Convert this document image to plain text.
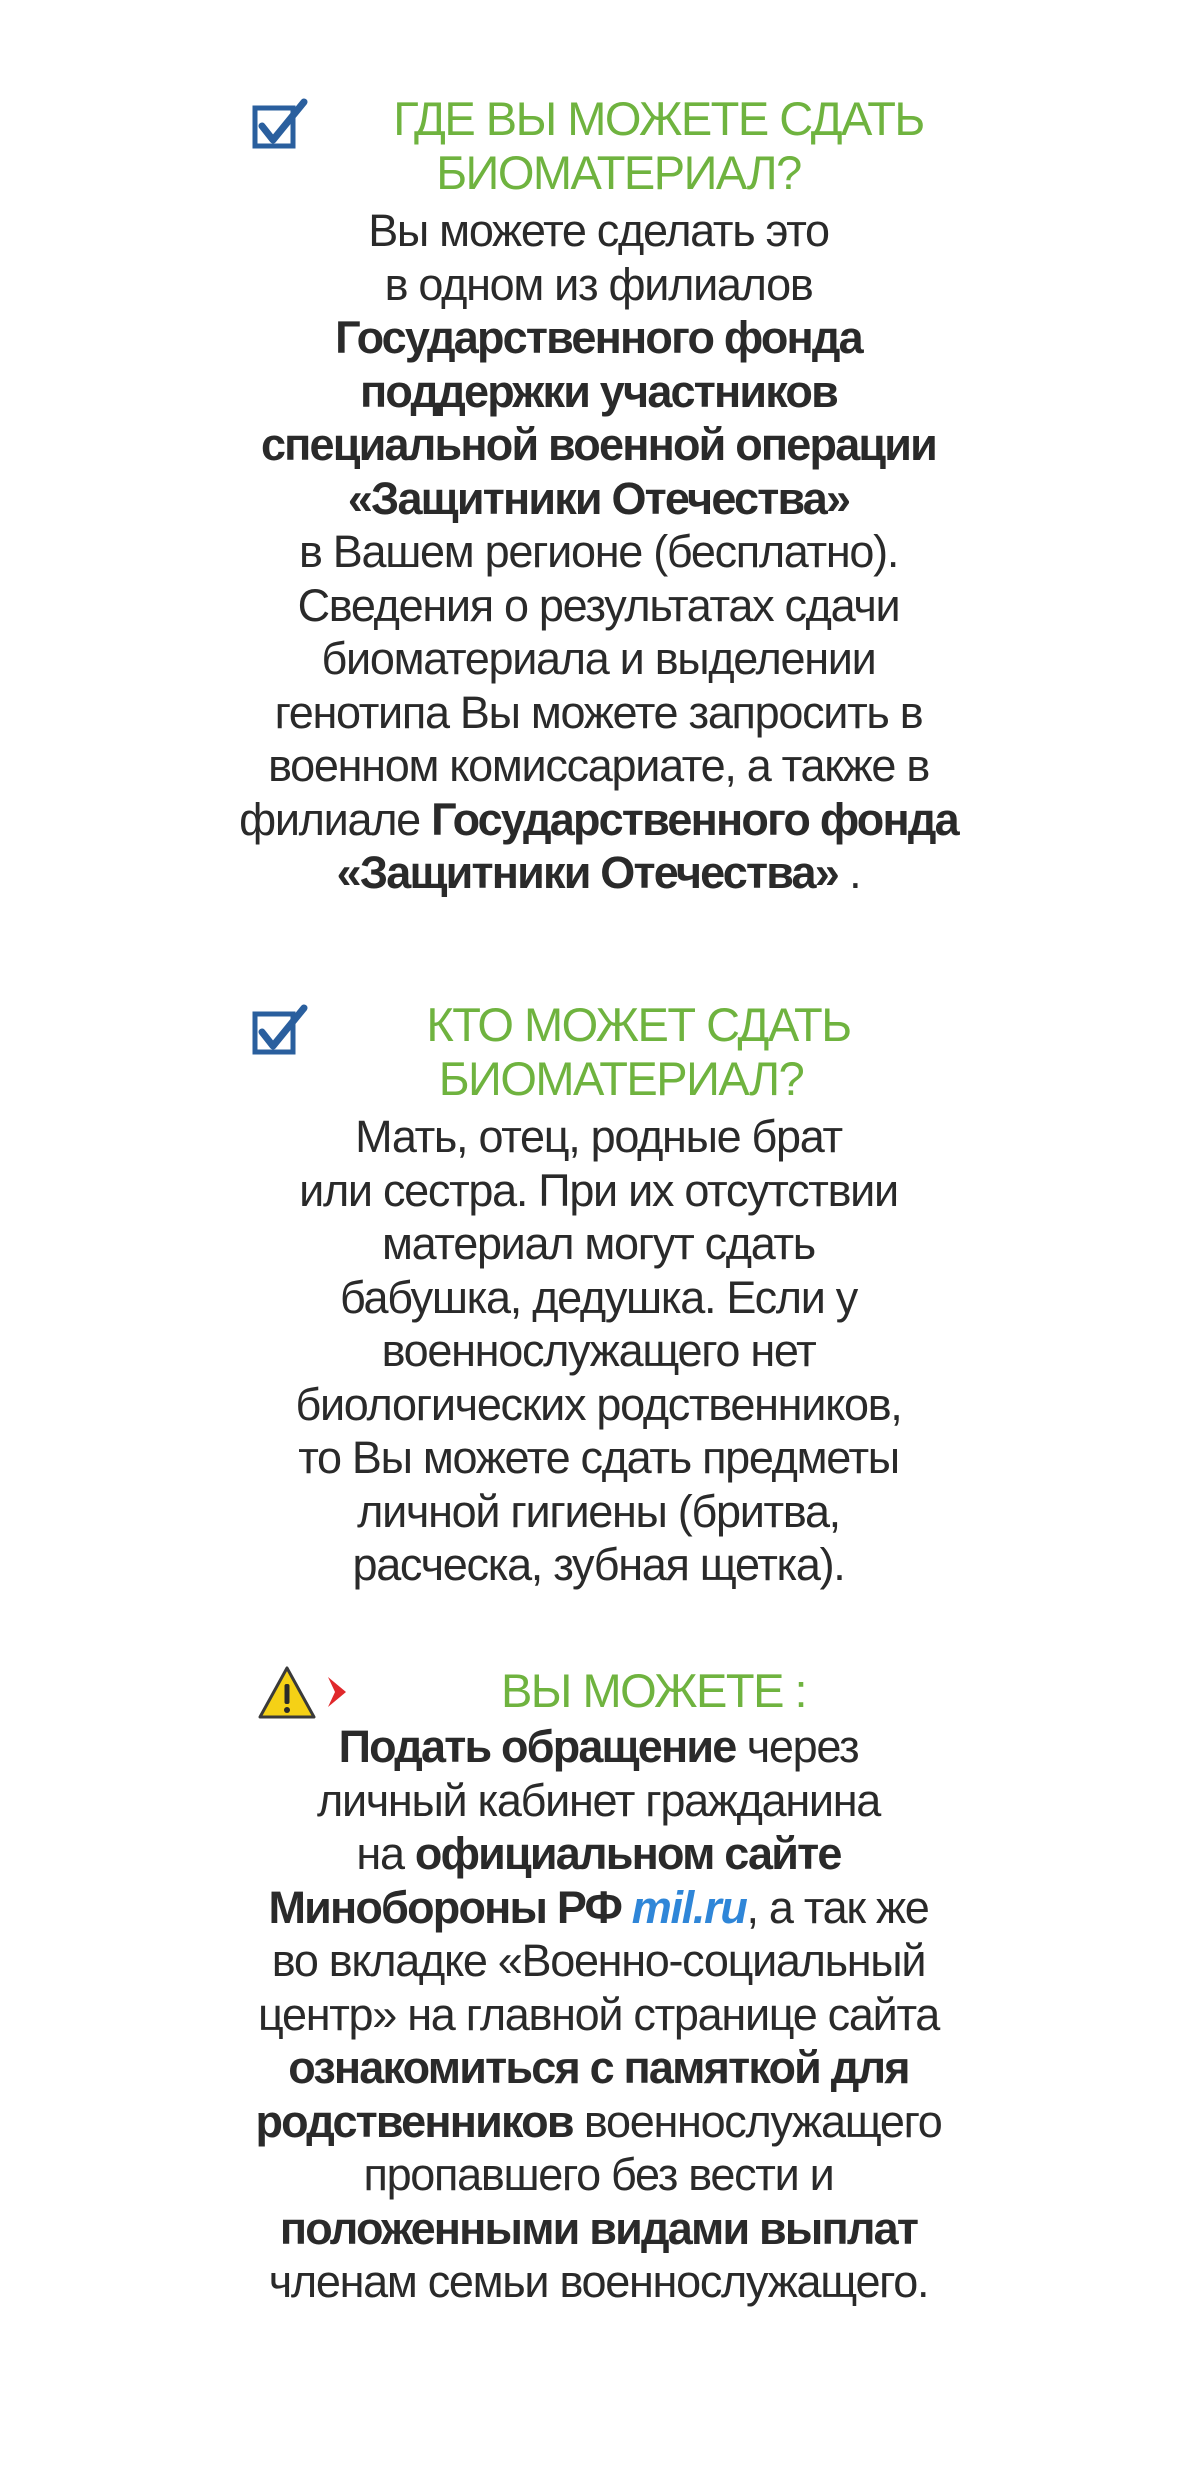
ГДЕ ВЫ МОЖЕТЕ СДАТЬ
БИОМАТЕРИАЛ?
Вы можете сделать это
в одном из филиалов
Государственного фонда
поддержки участников
специальной военной операции
«Защитники Отечества»
в Вашем регионе (бесплатно).
Сведения о результатах сдачи
биоматериала и выделении
генотипа Вы можете запросить в
военном комиссариате, а также в
филиале Государственного фонда
«Защитники Отечества» .
КТО МОЖЕТ СДАТЬ
БИОМАТЕРИАЛ?
Мать, отец, родные брат
или сестра. При их отсутствии
материал могут сдать
бабушка, дедушка. Если у
военнослужащего нет
биологических родственников,
то Вы можете сдать предметы
личной гигиены (бритва,
расческа, зубная щетка).
ВЫ МОЖЕТЕ :
Подать обращение через
личный кабинет гражданина
на официальном сайте
Минобороны РФ mil.ru, а так же
во вкладке «Военно-социальный
центр» на главной странице сайта
ознакомиться с памяткой для
родственников военнослужащего
пропавшего без вести и
положенными видами выплат
членам семьи военнослужащего.
